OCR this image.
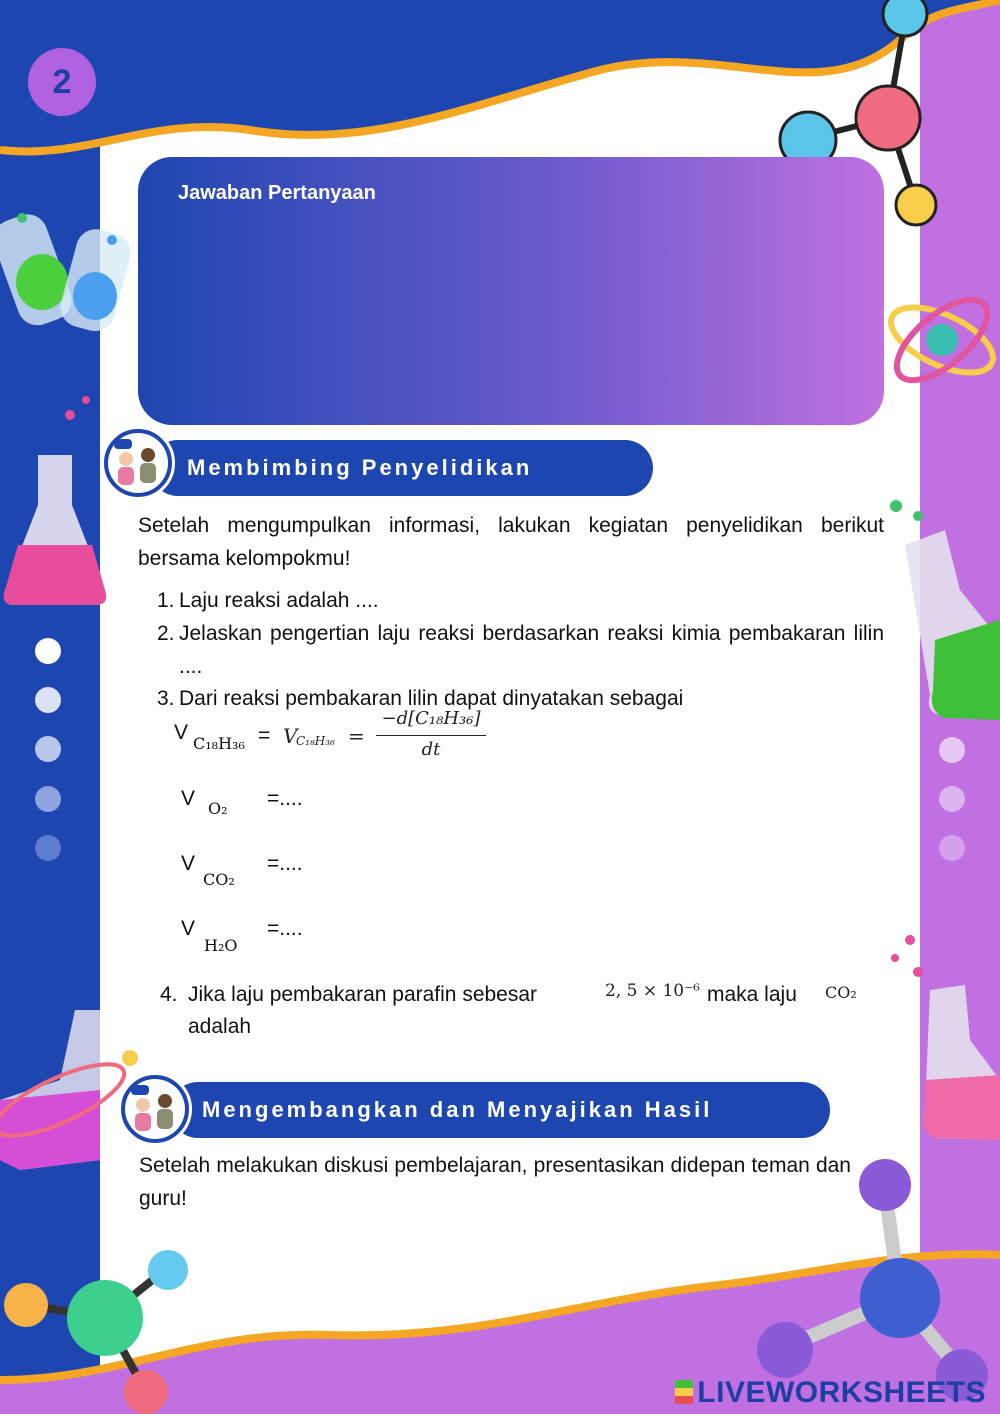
2
Jawaban Pertanyaan
Membimbing Penyelidikan
Setelah mengumpulkan informasi, lakukan kegiatan penyelidikan berikut bersama kelompokmu!
1. Laju reaksi adalah ....
2. Jelaskan pengertian laju reaksi berdasarkan reaksi kimia pembakaran lilin ....
3. Dari reaksi pembakaran lilin dapat dinyatakan sebagai
V C₁₈H₃₆ = V
C₁₈H₃₆ =
−d[C₁₈H₃₆]
dt
V O₂ =....
V
CO₂
=....
V
H₂O
=....
4. Jika laju pembakaran parafin sebesar	2, 5 × 10⁻⁶ maka laju CO₂
adalah
Mengembangkan dan Menyajikan Hasil
Setelah melakukan diskusi pembelajaran, presentasikan didepan teman dan guru!
LIVEWORKSHEETS
